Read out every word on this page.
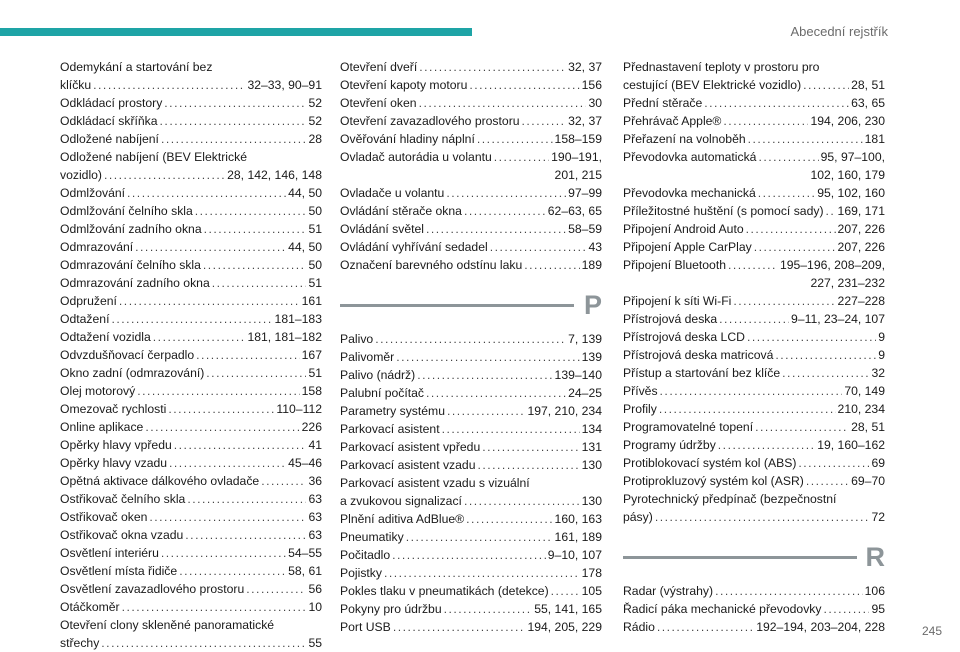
Abecední rejstřík
Odemykání a startování bez
klíčku .....	32–33, 90–91
Odkládací prostory .....	52
Odkládací skříňka .....	52
Odložené nabíjení .....	28
Odložené nabíjení (BEV Elektrické
vozidlo) .....	28, 142, 146, 148
Odmlžování .....	44, 50
Odmlžování čelního skla .....	50
Odmlžování zadního okna .....	51
Odmrazování .....	44, 50
Odmrazování čelního skla .....	50
Odmrazování zadního okna .....	51
Odpružení .....	161
Odtažení .....	181–183
Odtažení vozidla .....	181, 181–182
Odvzdušňovací čerpadlo .....	167
Okno zadní (odmrazování) .....	51
Olej motorový .....	158
Omezovač rychlosti .....	110–112
Online aplikace .....	226
Opěrky hlavy vpředu .....	41
Opěrky hlavy vzadu .....	45–46
Opětná aktivace dálkového ovladače .....	36
Ostřikovač čelního skla .....	63
Ostřikovač oken .....	63
Ostřikovač okna vzadu .....	63
Osvětlení interiéru .....	54–55
Osvětlení místa řidiče .....	58, 61
Osvětlení zavazadlového prostoru .....	56
Otáčkoměr .....	10
Otevření clony skleněné panoramatické
střechy .....	55
Otevření dveří .....	32, 37
Otevření kapoty motoru .....	156
Otevření oken .....	30
Otevření zavazadlového prostoru .....	32, 37
Ověřování hladiny náplní .....	158–159
Ovladač autorádia u volantu .....	190–191,
201, 215
Ovladače u volantu .....	97–99
Ovládání stěrače okna .....	62–63, 65
Ovládání světel .....	58–59
Ovládání vyhřívání sedadel .....	43
Označení barevného odstínu laku .....	189
P
Palivo .....	7, 139
Palivoměr .....	139
Palivo (nádrž) .....	139–140
Palubní počítač .....	24–25
Parametry systému .....	197, 210, 234
Parkovací asistent .....	134
Parkovací asistent vpředu .....	131
Parkovací asistent vzadu .....	130
Parkovací asistent vzadu s vizuální
a zvukovou signalizací .....	130
Plnění aditiva AdBlue® .....	160, 163
Pneumatiky .....	161, 189
Počitadlo .....	9–10, 107
Pojistky .....	178
Pokles tlaku v pneumatikách (detekce) .....	105
Pokyny pro údržbu .....	55, 141, 165
Port USB .....	194, 205, 229
Přednastavení teploty v prostoru pro
cestující (BEV Elektrické vozidlo) .....	28, 51
Přední stěrače .....	63, 65
Přehrávač Apple® .....	194, 206, 230
Přeřazení na volnoběh .....	181
Převodovka automatická .....	95, 97–100,
102, 160, 179
Převodovka mechanická .....	95, 102, 160
Příležitostné huštění (s pomocí sady) ..... 169, 171
Připojení Android Auto .....	207, 226
Připojení Apple CarPlay .....	207, 226
Připojení Bluetooth .....	195–196, 208–209,
227, 231–232
Připojení k síti Wi-Fi .....	227–228
Přístrojová deska .....	9–11, 23–24, 107
Přístrojová deska LCD .....	9
Přístrojová deska matricová .....	9
Přístup a startování bez klíče .....	32
Přívěs .....	70, 149
Profily .....	210, 234
Programovatelné topení .....	28, 51
Programy údržby .....	19, 160–162
Protiblokovací systém kol (ABS) .....	69
Protiprokluzový systém kol (ASR) .....	69–70
Pyrotechnický předpínač (bezpečnostní
pásy) .....	72
R
Radar (výstrahy) .....	106
Řadicí páka mechanické převodovky .....	95
Rádio .....	192–194, 203–204, 228	245
